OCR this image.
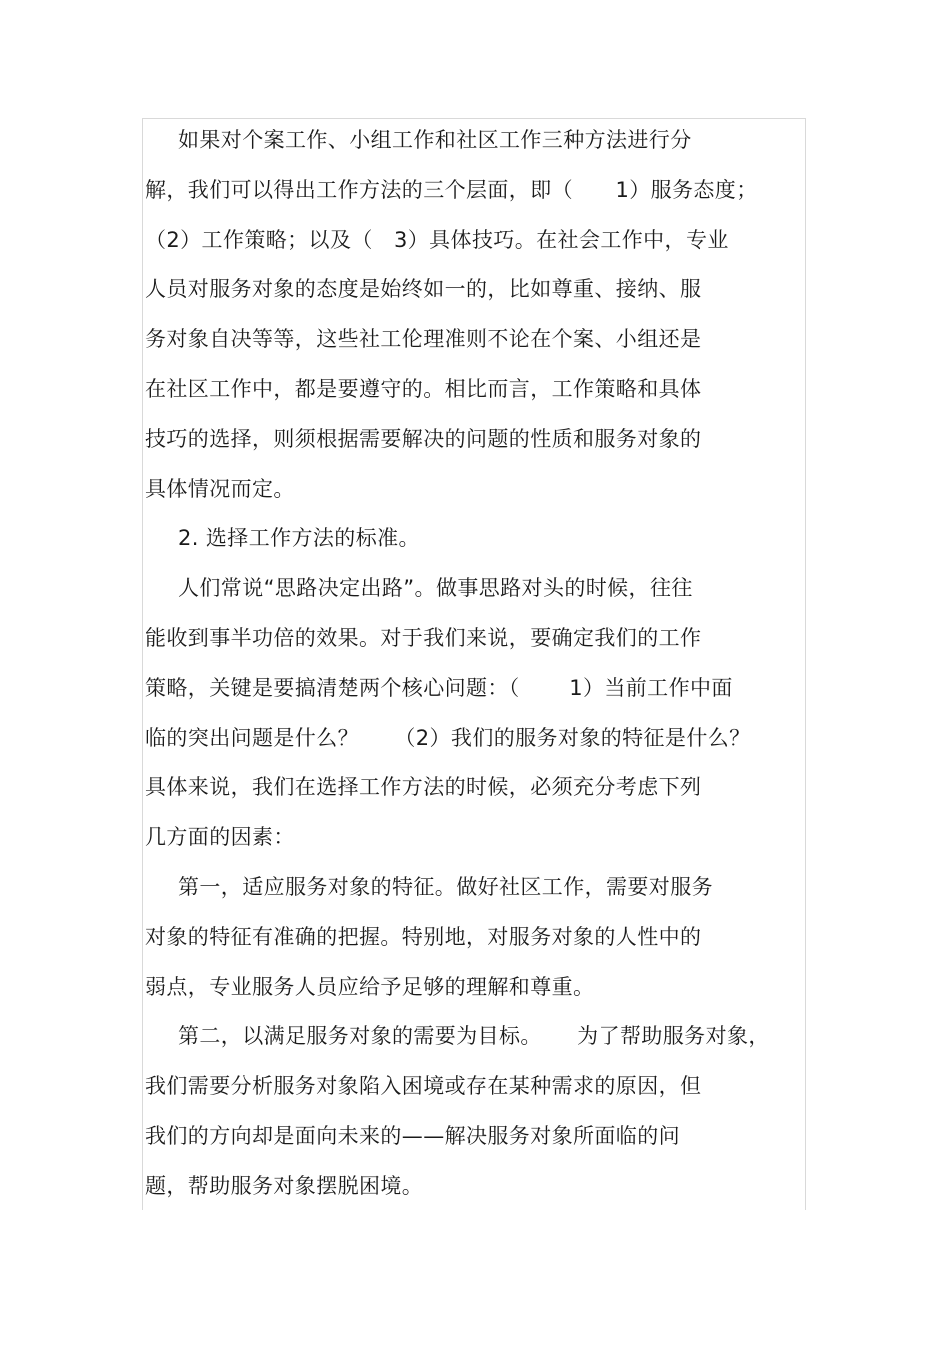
如果对个案工作、小组工作和社区工作三种方法进行分
解，我们可以得出工作方法的三个层面，即（      1）服务态度；
（2）工作策略；以及（   3）具体技巧。在社会工作中，专业
人员对服务对象的态度是始终如一的，比如尊重、接纳、服
务对象自决等等，这些社工伦理准则不论在个案、小组还是
在社区工作中，都是要遵守的。相比而言，工作策略和具体
技巧的选择，则须根据需要解决的问题的性质和服务对象的
具体情况而定。
2. 选择工作方法的标准。
人们常说“思路决定出路”。做事思路对头的时候，往往
能收到事半功倍的效果。对于我们来说，要确定我们的工作
策略，关键是要搞清楚两个核心问题：（       1）当前工作中面
临的突出问题是什么？     （2）我们的服务对象的特征是什么？
具体来说，我们在选择工作方法的时候，必须充分考虑下列
几方面的因素：
第一，适应服务对象的特征。做好社区工作，需要对服务
对象的特征有准确的把握。特别地，对服务对象的人性中的
弱点，专业服务人员应给予足够的理解和尊重。
第二，以满足服务对象的需要为目标。     为了帮助服务对象，
我们需要分析服务对象陷入困境或存在某种需求的原因，但
我们的方向却是面向未来的——解决服务对象所面临的问
题，帮助服务对象摆脱困境。
